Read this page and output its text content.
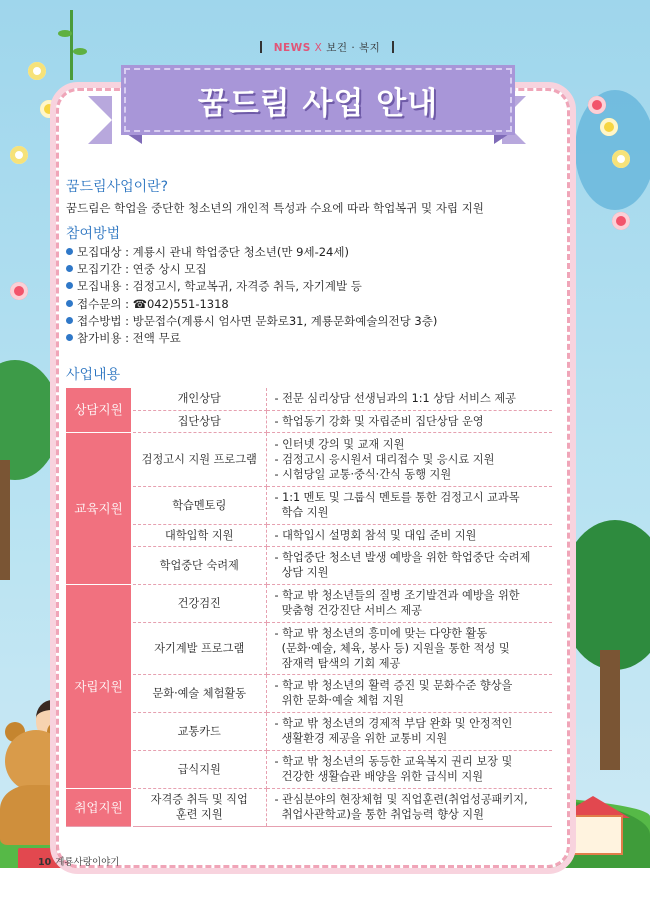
NEWS X 보건 · 복지
꿈드림 사업 안내
꿈드림사업이란?
꿈드림은 학업을 중단한 청소년의 개인적 특성과 수요에 따라 학업복귀 및 자립 지원
참여방법
모집대상 : 계룡시 관내 학업중단 청소년(만 9세-24세)
모집기간 : 연중 상시 모집
모집내용 : 검정고시, 학교복귀, 자격증 취득, 자기계발 등
접수문의 : ☎042)551-1318
접수방법 : 방문접수(계룡시 엄사면 문화로31, 계룡문화예술의전당 3층)
참가비용 : 전액 무료
사업내용
상담지원	개인상담	- 전문 심리상담 선생님과의 1:1 상담 서비스 제공

	집단상담	- 학업동기 강화 및 자립준비 집단상담 운영

교육지원	검정고시 지원 프로그램	- 인터넷 강의 및 교재 지원
- 검정고시 응시원서 대리접수 및 응시료 지원
- 시험당일 교통·중식·간식 동행 지원

	학습멘토링	- 1:1 멘토 및 그룹식 멘토를 통한 검정고시 교과목
학습 지원

	대학입학 지원	- 대학입시 설명회 참석 및 대입 준비 지원

	학업중단 숙려제	- 학업중단 청소년 발생 예방을 위한 학업중단 숙려제
상담 지원

자립지원	건강검진	- 학교 밖 청소년들의 질병 조기발견과 예방을 위한
맞춤형 건강진단 서비스 제공

	자기계발 프로그램	- 학교 밖 청소년의 흥미에 맞는 다양한 활동
(문화·예술, 체육, 봉사 등) 지원을 통한 적성 및
잠재력 탐색의 기회 제공

	문화·예술 체험활동	- 학교 밖 청소년의 활력 증진 및 문화수준 향상을
위한 문화·예술 체험 지원

	교통카드	- 학교 밖 청소년의 경제적 부담 완화 및 안정적인
생활환경 제공을 위한 교통비 지원

	급식지원	- 학교 밖 청소년의 동등한 교육복지 권리 보장 및
건강한 생활습관 배양을 위한 급식비 지원

취업지원	자격증 취득 및 직업
훈련 지원	- 관심분야의 현장체험 및 직업훈련(취업성공패키지,
취업사관학교)을 통한 취업능력 향상 지원
10 계룡사랑이야기
